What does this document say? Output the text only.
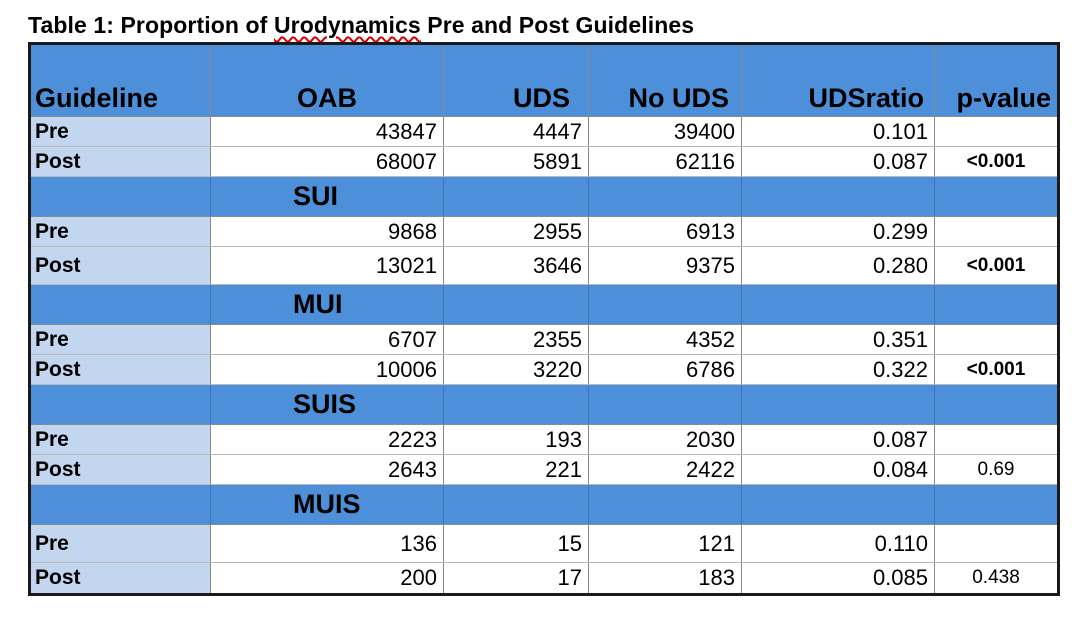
Table 1: Proportion of Urodynamics Pre and Post Guidelines
Guideline	OAB	UDS	No UDS	UDSratio	p-value
Pre	43847	4447	39400	0.101
Post	68007	5891	62116	0.087	<0.001
SUI
Pre	9868	2955	6913	0.299
Post	13021	3646	9375	0.280	<0.001
MUI
Pre	6707	2355	4352	0.351
Post	10006	3220	6786	0.322	<0.001
SUIS
Pre	2223	193	2030	0.087
Post	2643	221	2422	0.084	0.69
MUIS
Pre	136	15	121	0.110
Post	200	17	183	0.085	0.438
